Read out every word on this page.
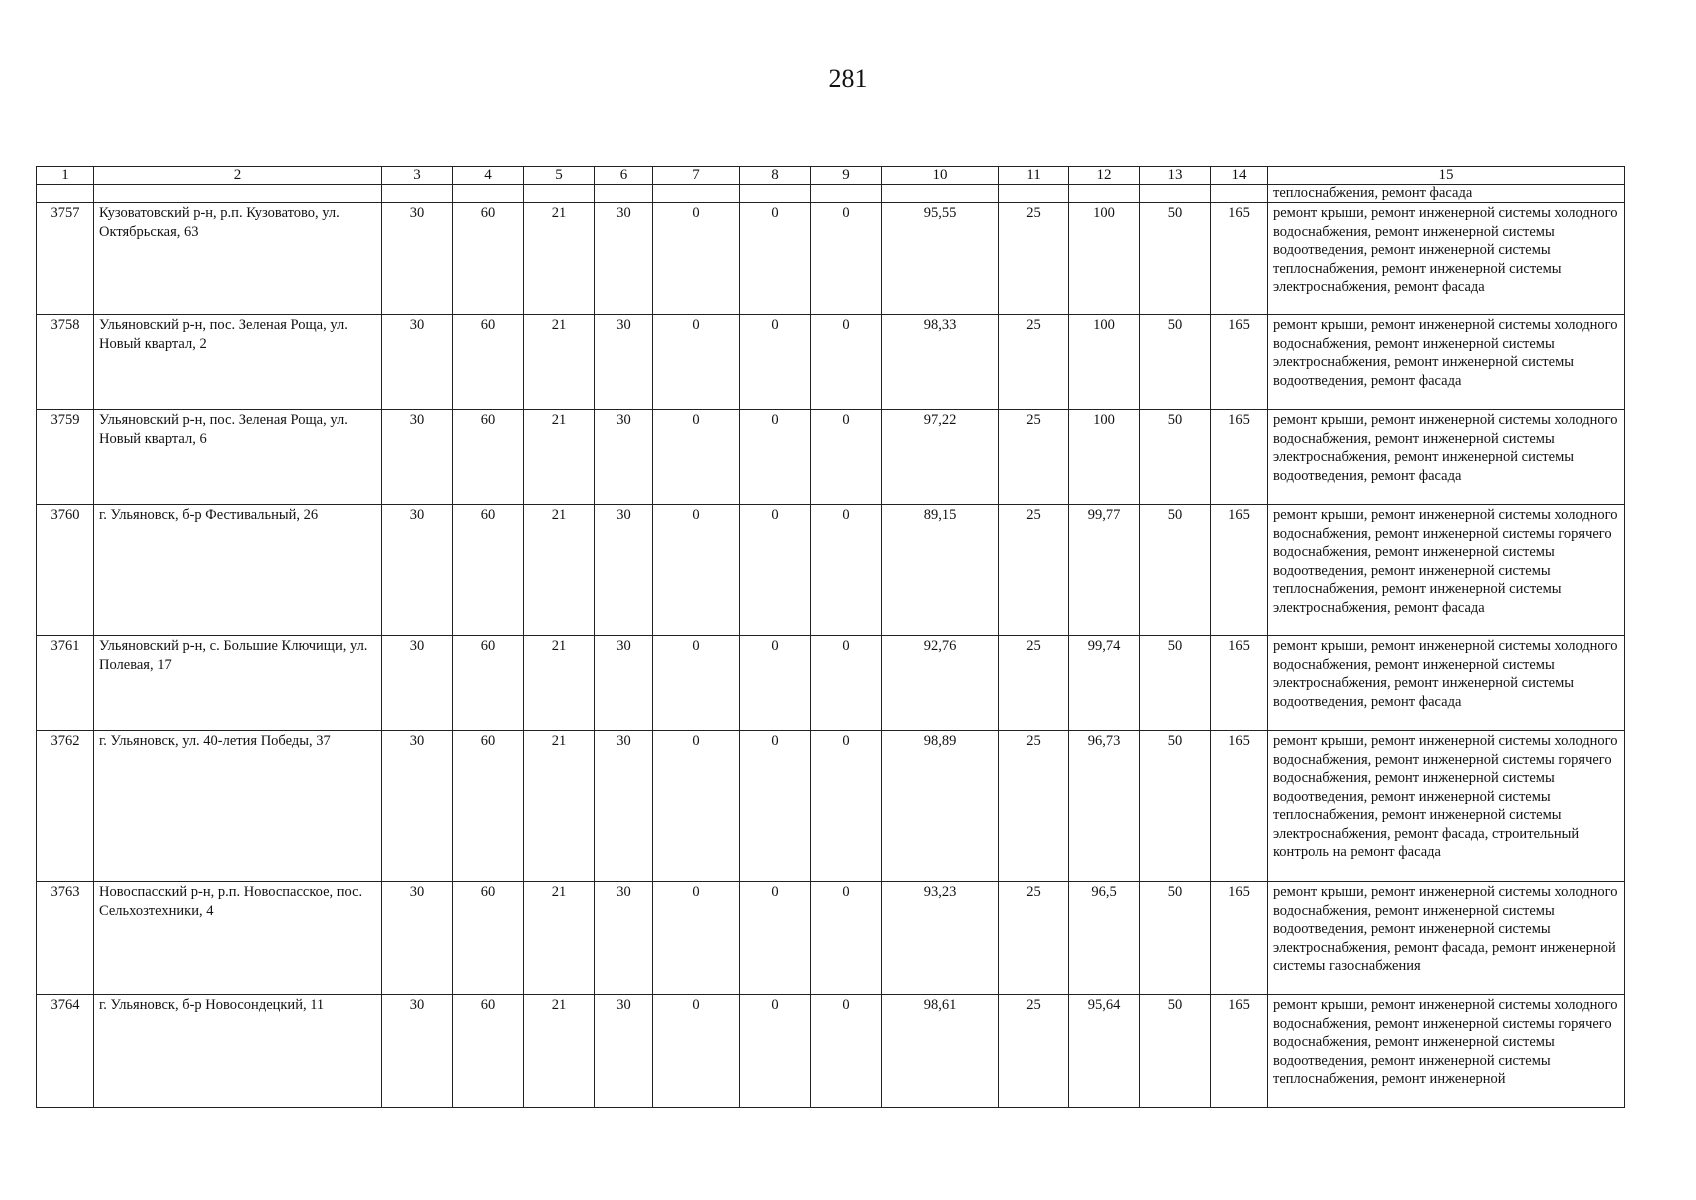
281
1	2	3	4	5	6	7	8	9	10	11	12	13	14	15
														теплоснабжения, ремонт фасада
3757	Кузоватовский р-н, р.п. Кузоватово, ул. Октябрьская, 63	30	60	21	30	0	0	0	95,55	25	100	50	165	ремонт крыши, ремонт инженерной системы холодного водоснабжения, ремонт инженерной системы водоотведения, ремонт инженерной системы теплоснабжения, ремонт инженерной системы электроснабжения, ремонт фасада
3758	Ульяновский р-н, пос. Зеленая Роща, ул. Новый квартал, 2	30	60	21	30	0	0	0	98,33	25	100	50	165	ремонт крыши, ремонт инженерной системы холодного водоснабжения, ремонт инженерной системы электроснабжения, ремонт инженерной системы водоотведения, ремонт фасада
3759	Ульяновский р-н, пос. Зеленая Роща, ул. Новый квартал, 6	30	60	21	30	0	0	0	97,22	25	100	50	165	ремонт крыши, ремонт инженерной системы холодного водоснабжения, ремонт инженерной системы электроснабжения, ремонт инженерной системы водоотведения, ремонт фасада
3760	г. Ульяновск, б-р Фестивальный, 26	30	60	21	30	0	0	0	89,15	25	99,77	50	165	ремонт крыши, ремонт инженерной системы холодного водоснабжения, ремонт инженерной системы горячего водоснабжения, ремонт инженерной системы водоотведения, ремонт инженерной системы теплоснабжения, ремонт инженерной системы электроснабжения, ремонт фасада
3761	Ульяновский р-н, с. Большие Ключищи, ул. Полевая, 17	30	60	21	30	0	0	0	92,76	25	99,74	50	165	ремонт крыши, ремонт инженерной системы холодного водоснабжения, ремонт инженерной системы электроснабжения, ремонт инженерной системы водоотведения, ремонт фасада
3762	г. Ульяновск, ул. 40-летия Победы, 37	30	60	21	30	0	0	0	98,89	25	96,73	50	165	ремонт крыши, ремонт инженерной системы холодного водоснабжения, ремонт инженерной системы горячего водоснабжения, ремонт инженерной системы водоотведения, ремонт инженерной системы теплоснабжения, ремонт инженерной системы электроснабжения, ремонт фасада, строительный контроль на ремонт фасада
3763	Новоспасский р-н, р.п. Новоспасское, пос. Сельхозтехники, 4	30	60	21	30	0	0	0	93,23	25	96,5	50	165	ремонт крыши, ремонт инженерной системы холодного водоснабжения, ремонт инженерной системы водоотведения, ремонт инженерной системы электроснабжения, ремонт фасада, ремонт инженерной системы газоснабжения
3764	г. Ульяновск, б-р Новосондецкий, 11	30	60	21	30	0	0	0	98,61	25	95,64	50	165	ремонт крыши, ремонт инженерной системы холодного водоснабжения, ремонт инженерной системы горячего водоснабжения, ремонт инженерной системы водоотведения, ремонт инженерной системы теплоснабжения, ремонт инженерной
